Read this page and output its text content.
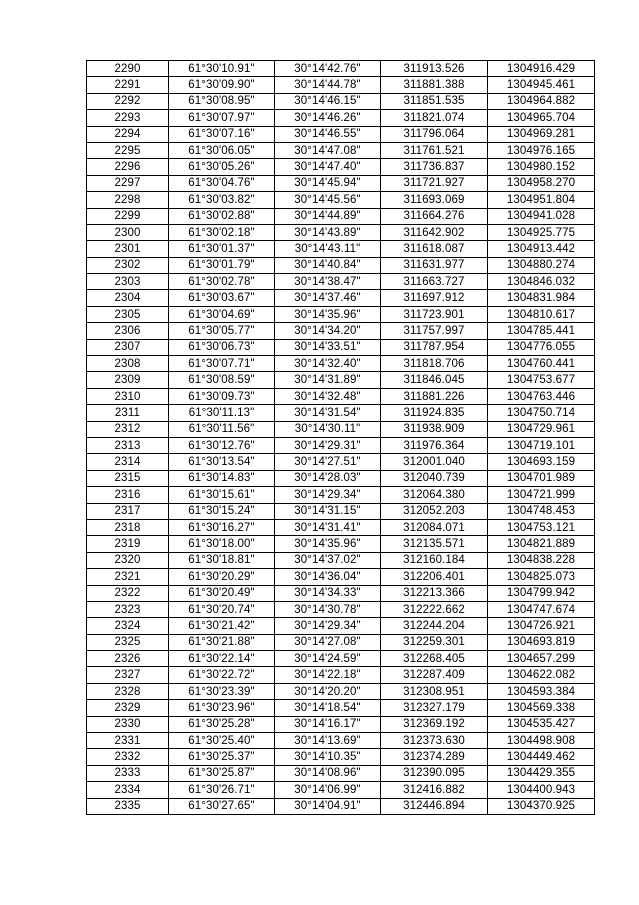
2290	61°30'10.91"	30°14'42.76"	311913.526	1304916.429
2291	61°30'09.90"	30°14'44.78"	311881.388	1304945.461
2292	61°30'08.95"	30°14'46.15"	311851.535	1304964.882
2293	61°30'07.97"	30°14'46.26"	311821.074	1304965.704
2294	61°30'07.16"	30°14'46.55"	311796.064	1304969.281
2295	61°30'06.05"	30°14'47.08"	311761.521	1304976.165
2296	61°30'05.26"	30°14'47.40"	311736.837	1304980.152
2297	61°30'04.76"	30°14'45.94"	311721.927	1304958.270
2298	61°30'03.82"	30°14'45.56"	311693.069	1304951.804
2299	61°30'02.88"	30°14'44.89"	311664.276	1304941.028
2300	61°30'02.18"	30°14'43.89"	311642.902	1304925.775
2301	61°30'01.37"	30°14'43.11"	311618.087	1304913.442
2302	61°30'01.79"	30°14'40.84"	311631.977	1304880.274
2303	61°30'02.78"	30°14'38.47"	311663.727	1304846.032
2304	61°30'03.67"	30°14'37.46"	311697.912	1304831.984
2305	61°30'04.69"	30°14'35.96"	311723.901	1304810.617
2306	61°30'05.77"	30°14'34.20"	311757.997	1304785.441
2307	61°30'06.73"	30°14'33.51"	311787.954	1304776.055
2308	61°30'07.71"	30°14'32.40"	311818.706	1304760.441
2309	61°30'08.59"	30°14'31.89"	311846.045	1304753.677
2310	61°30'09.73"	30°14'32.48"	311881.226	1304763.446
2311	61°30'11.13"	30°14'31.54"	311924.835	1304750.714
2312	61°30'11.56"	30°14'30.11"	311938.909	1304729.961
2313	61°30'12.76"	30°14'29.31"	311976.364	1304719.101
2314	61°30'13.54"	30°14'27.51"	312001.040	1304693.159
2315	61°30'14.83"	30°14'28.03"	312040.739	1304701.989
2316	61°30'15.61"	30°14'29.34"	312064.380	1304721.999
2317	61°30'15.24"	30°14'31.15"	312052.203	1304748.453
2318	61°30'16.27"	30°14'31.41"	312084.071	1304753.121
2319	61°30'18.00"	30°14'35.96"	312135.571	1304821.889
2320	61°30'18.81"	30°14'37.02"	312160.184	1304838.228
2321	61°30'20.29"	30°14'36.04"	312206.401	1304825.073
2322	61°30'20.49"	30°14'34.33"	312213.366	1304799.942
2323	61°30'20.74"	30°14'30.78"	312222.662	1304747.674
2324	61°30'21.42"	30°14'29.34"	312244.204	1304726.921
2325	61°30'21.88"	30°14'27.08"	312259.301	1304693.819
2326	61°30'22.14"	30°14'24.59"	312268.405	1304657.299
2327	61°30'22.72"	30°14'22.18"	312287.409	1304622.082
2328	61°30'23.39"	30°14'20.20"	312308.951	1304593.384
2329	61°30'23.96"	30°14'18.54"	312327.179	1304569.338
2330	61°30'25.28"	30°14'16.17"	312369.192	1304535.427
2331	61°30'25.40"	30°14'13.69"	312373.630	1304498.908
2332	61°30'25.37"	30°14'10.35"	312374.289	1304449.462
2333	61°30'25.87"	30°14'08.96"	312390.095	1304429.355
2334	61°30'26.71"	30°14'06.99"	312416.882	1304400.943
2335	61°30'27.65"	30°14'04.91"	312446.894	1304370.925
